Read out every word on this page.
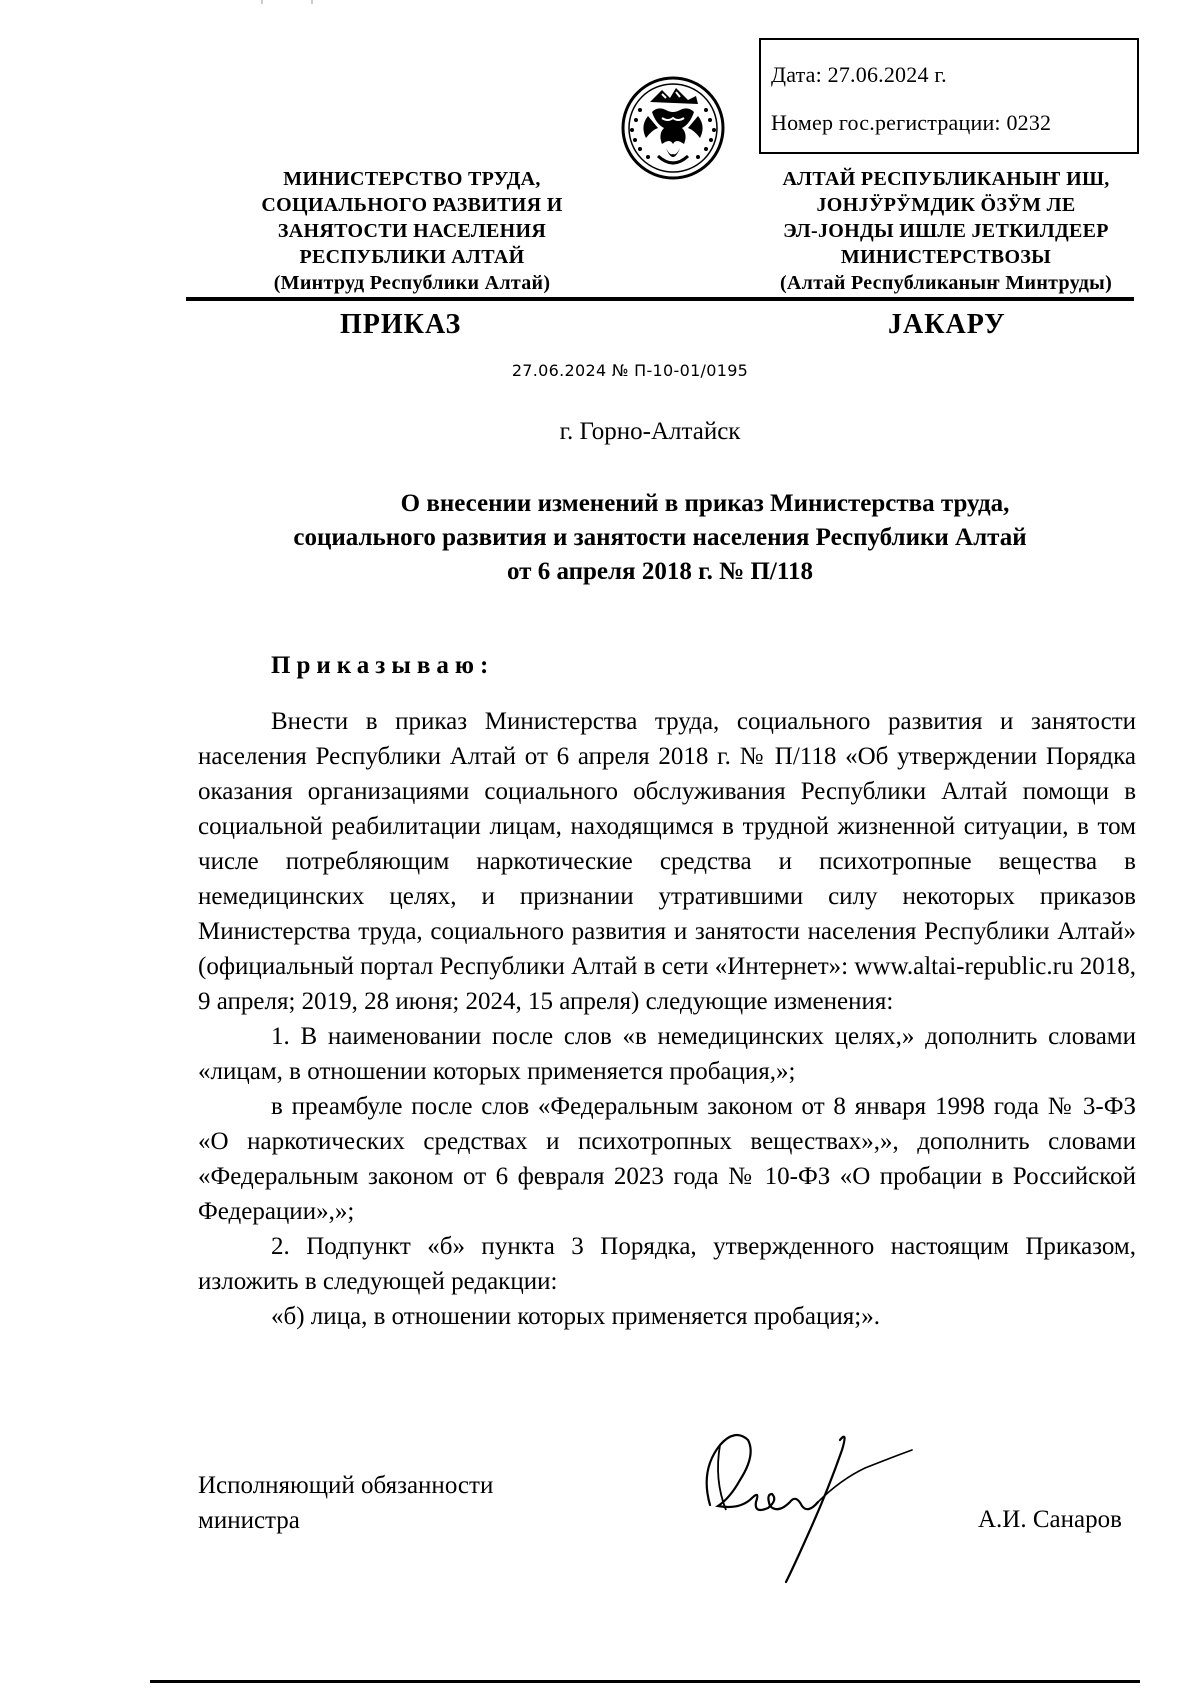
Дата: 27.06.2024 г.
Номер гос.регистрации: 0232
МИНИСТЕРСТВО ТРУДА,
СОЦИАЛЬНОГО РАЗВИТИЯ И
ЗАНЯТОСТИ НАСЕЛЕНИЯ
РЕСПУБЛИКИ АЛТАЙ
(Минтруд Республики Алтай)
АЛТАЙ РЕСПУБЛИКАНЫҤ ИШ,
ЈОНЈӰРӰМДИК ÖЗӰМ ЛЕ
ЭЛ-ЈОНДЫ ИШЛЕ ЈЕТКИЛДЕЕР
МИНИСТЕРСТВОЗЫ
(Алтай Республиканыҥ Минтруды)
ПРИКАЗ	ЈАКАРУ
27.06.2024 № П-10-01/0195
г. Горно-Алтайск
О внесении изменений в приказ Министерства труда,
социального развития и занятости населения Республики Алтай
от 6 апреля 2018 г. № П/118
Приказываю:

Внести в приказ Министерства труда, социального развития и занятости населения Республики Алтай от 6 апреля 2018 г. № П/118 «Об утверждении Порядка оказания организациями социального обслуживания Республики Алтай помощи в социальной реабилитации лицам, находящимся в трудной жизненной ситуации, в том числе потребляющим наркотические средства и психотропные вещества в немедицинских целях, и признании утратившими силу некоторых приказов Министерства труда, социального развития и занятости населения Республики Алтай» (официальный портал Республики Алтай в сети «Интернет»: www.altai-republic.ru 2018, 9 апреля; 2019, 28 июня; 2024, 15 апреля) следующие изменения:

1. В наименовании после слов «в немедицинских целях,» дополнить словами «лицам, в отношении которых применяется пробация,»;

в преамбуле после слов «Федеральным законом от 8 января 1998 года № 3-ФЗ «О наркотических средствах и психотропных веществах»,», дополнить словами «Федеральным законом от 6 февраля 2023 года № 10-ФЗ «О пробации в Российской Федерации»,»;

2. Подпункт «б» пункта 3 Порядка, утвержденного настоящим Приказом, изложить в следующей редакции:

«б) лица, в отношении которых применяется пробация;».

Исполняющий обязанности
министра	А.И. Санаров
